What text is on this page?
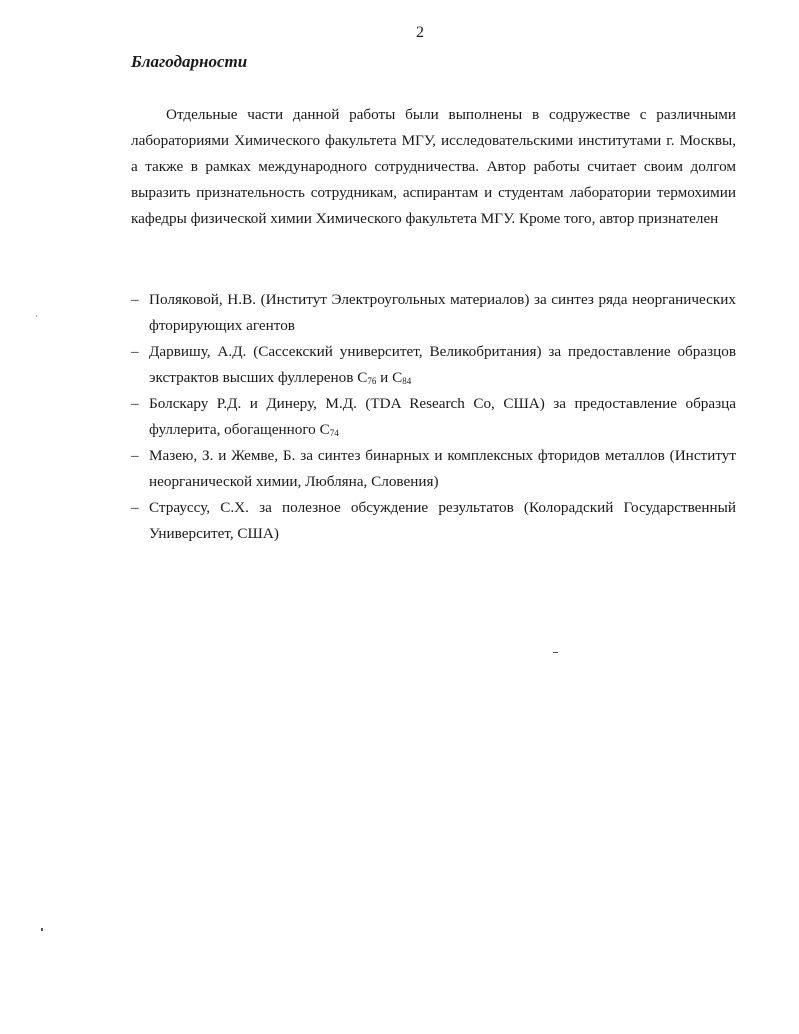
2
Благодарности

Отдельные части данной работы были выполнены в содружестве с различными лабораториями Химического факультета МГУ, исследовательскими институтами г. Москвы, а также в рамках международного сотрудничества. Автор работы считает своим долгом выразить признательность сотрудникам, аспирантам и студентам лаборатории термохимии кафедры физической химии Химического факультета МГУ. Кроме того, автор признателен

– Поляковой, Н.В. (Институт Электроугольных материалов) за синтез ряда неорганических фторирующих агентов
– Дарвишу, А.Д. (Сассекский университет, Великобритания) за предоставление образцов экстрактов высших фуллеренов $C_{76}$ и $C_{84}$
– Болскару Р.Д. и Динеру, М.Д. (TDA Research Co, США) за предоставление образца фуллерита, обогащенного $C_{74}$
– Мазею, З. и Жемве, Б. за синтез бинарных и комплексных фторидов металлов (Институт неорганической химии, Любляна, Словения)
– Страуссу, С.Х. за полезное обсуждение результатов (Колорадский Государственный Университет, США)
